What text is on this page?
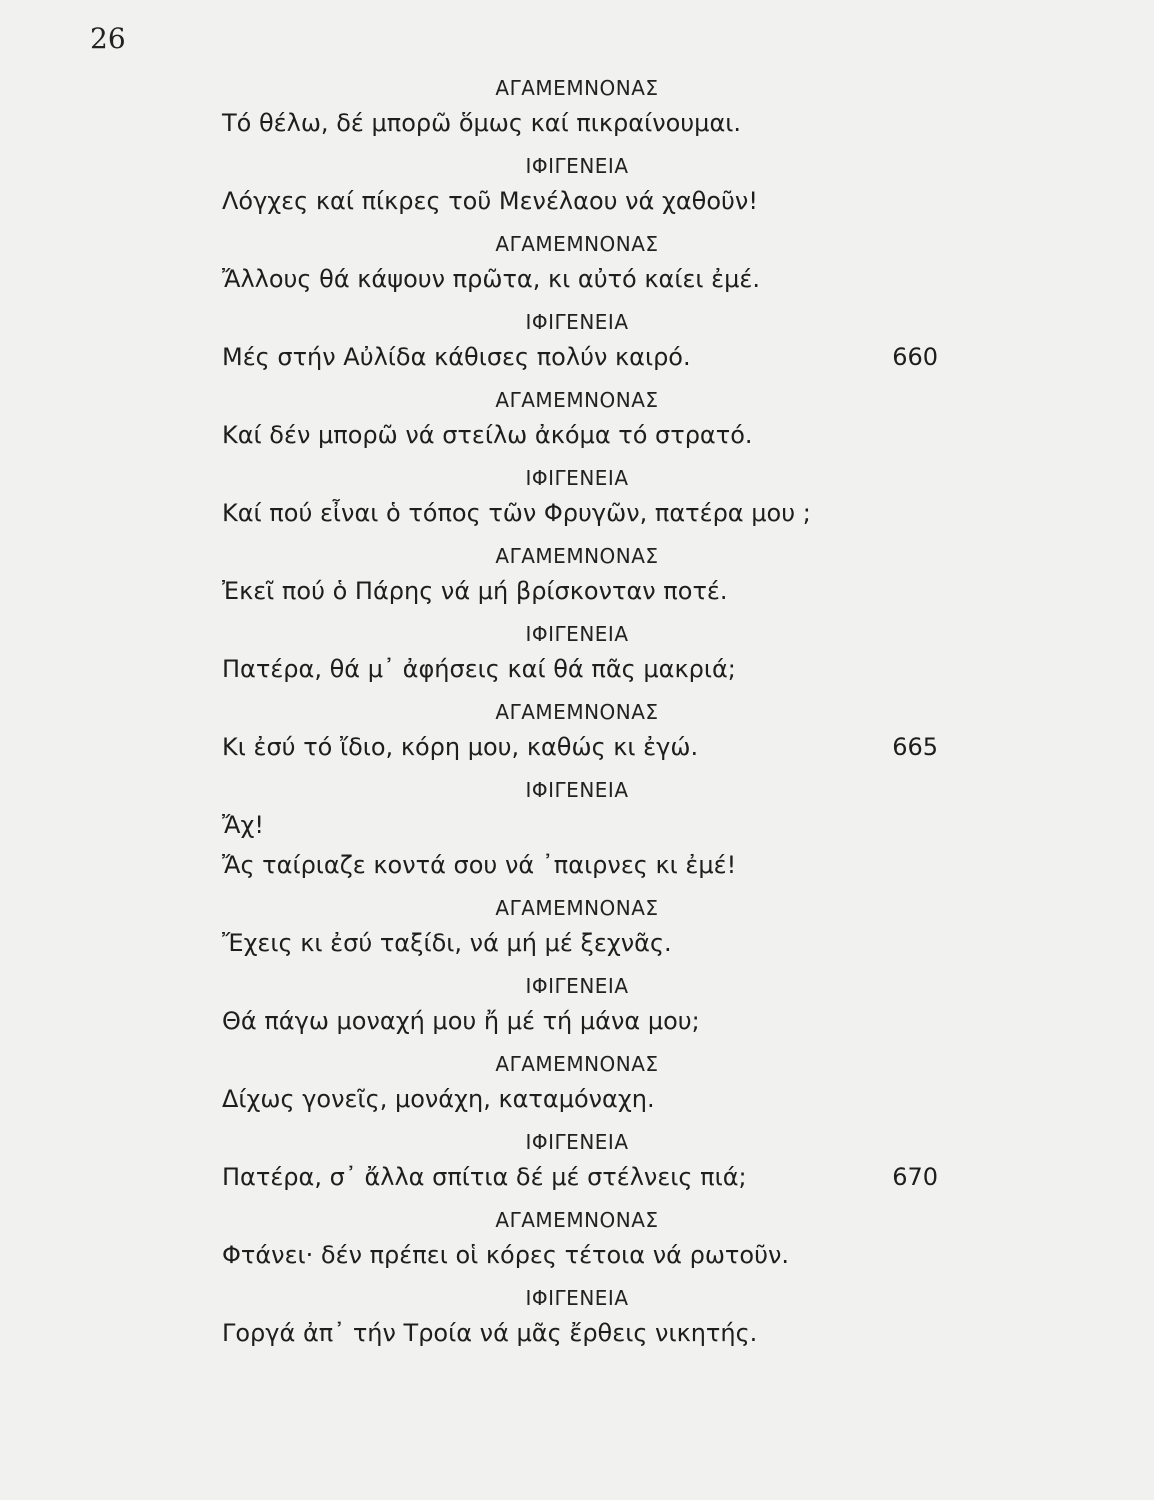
26
ΑΓΑΜΕΜΝΟΝΑΣ
Τό θέλω, δέ μπορῶ ὅμως καί πικραίνουμαι.
ΙΦΙΓΕΝΕΙΑ
Λόγχες καί πίκρες τοῦ Μενέλαου νά χαθοῦν!
ΑΓΑΜΕΜΝΟΝΑΣ
Ἄλλους θά κάψουν πρῶτα, κι αὐτό καίει ἐμέ.
ΙΦΙΓΕΝΕΙΑ
Μές στήν Αὐλίδα κάθισες πολύν καιρό.	660
ΑΓΑΜΕΜΝΟΝΑΣ
Καί δέν μπορῶ νά στείλω ἀκόμα τό στρατό.
ΙΦΙΓΕΝΕΙΑ
Καί πού εἶναι ὁ τόπος τῶν Φρυγῶν, πατέρα μου ;
ΑΓΑΜΕΜΝΟΝΑΣ
Ἐκεῖ πού ὁ Πάρης νά μή βρίσκονταν ποτέ.
ΙΦΙΓΕΝΕΙΑ
Πατέρα, θά μ᾿ ἀφήσεις καί θά πᾶς μακριά;
ΑΓΑΜΕΜΝΟΝΑΣ
Κι ἐσύ τό ἴδιο, κόρη μου, καθώς κι ἐγώ.	665
ΙΦΙΓΕΝΕΙΑ
Ἄχ!
Ἄς ταίριαζε κοντά σου νά ᾿παιρνες κι ἐμέ!
ΑΓΑΜΕΜΝΟΝΑΣ
Ἔχεις κι ἐσύ ταξίδι, νά μή μέ ξεχνᾶς.
ΙΦΙΓΕΝΕΙΑ
Θά πάγω μοναχή μου ἤ μέ τή μάνα μου;
ΑΓΑΜΕΜΝΟΝΑΣ
Δίχως γονεῖς, μονάχη, καταμόναχη.
ΙΦΙΓΕΝΕΙΑ
Πατέρα, σ᾿ ἄλλα σπίτια δέ μέ στέλνεις πιά;	670
ΑΓΑΜΕΜΝΟΝΑΣ
Φτάνει· δέν πρέπει οἱ κόρες τέτοια νά ρωτοῦν.
ΙΦΙΓΕΝΕΙΑ
Γοργά ἀπ᾿ τήν Τροία νά μᾶς ἔρθεις νικητής.
